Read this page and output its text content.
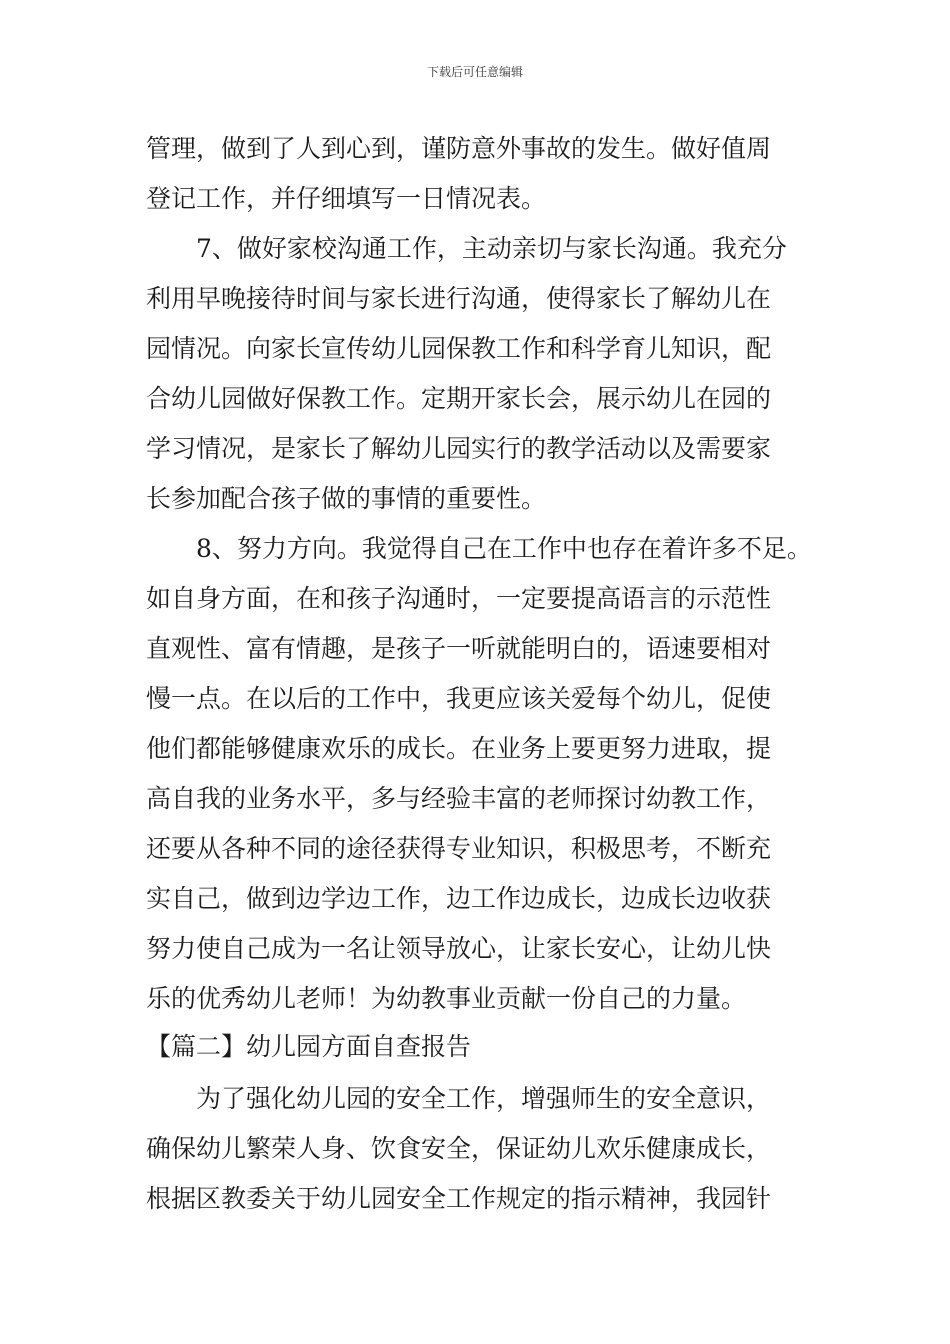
下载后可任意编辑
管理，做到了人到心到，谨防意外事故的发生。做好值周
登记工作，并仔细填写一日情况表。
7、做好家校沟通工作，主动亲切与家长沟通。我充分
利用早晚接待时间与家长进行沟通，使得家长了解幼儿在
园情况。向家长宣传幼儿园保教工作和科学育儿知识，配
合幼儿园做好保教工作。定期开家长会，展示幼儿在园的
学习情况，是家长了解幼儿园实行的教学活动以及需要家
长参加配合孩子做的事情的重要性。
8、努力方向。我觉得自己在工作中也存在着许多不足。
如自身方面，在和孩子沟通时，一定要提高语言的示范性
直观性、富有情趣，是孩子一听就能明白的，语速要相对
慢一点。在以后的工作中，我更应该关爱每个幼儿，促使
他们都能够健康欢乐的成长。在业务上要更努力进取，提
高自我的业务水平，多与经验丰富的老师探讨幼教工作，
还要从各种不同的途径获得专业知识，积极思考，不断充
实自己，做到边学边工作，边工作边成长，边成长边收获
努力使自己成为一名让领导放心，让家长安心，让幼儿快
乐的优秀幼儿老师！为幼教事业贡献一份自己的力量。
【篇二】幼儿园方面自查报告
为了强化幼儿园的安全工作，增强师生的安全意识，
确保幼儿繁荣人身、饮食安全，保证幼儿欢乐健康成长，
根据区教委关于幼儿园安全工作规定的指示精神，我园针
